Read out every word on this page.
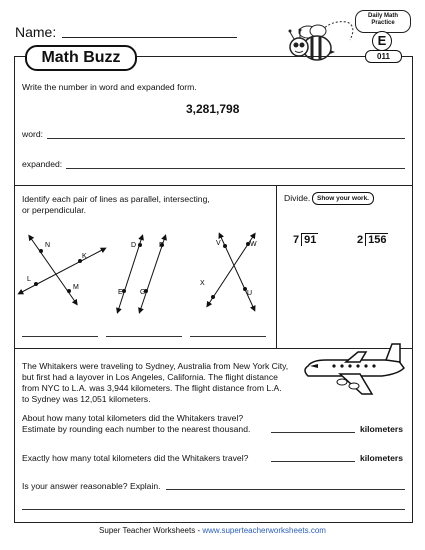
Name:
Daily Math Practice
E
Math Buzz	011
Write the number in word and expanded form.
3,281,798
word:
expanded:
Identify each pair of lines as parallel, intersecting,
or perpendicular.
N
K
L
M
D	F
E G
V	W
X
U
Divide.	Show your work.
7 91	2 156
The Whitakers were traveling to Sydney, Australia from New York City,
but first had a layover in Los Angeles, California. The flight distance
from NYC to L.A. was 3,944 kilometers. The flight distance from L.A.
to Sydney was 12,051 kilometers.
About how many total kilometers did the Whitakers travel?
Estimate by rounding each number to the nearest thousand.	kilometers
Exactly how many total kilometers did the Whitakers travel?	kilometers
Is your answer reasonable? Explain.
Super Teacher Worksheets - www.superteacherworksheets.com
